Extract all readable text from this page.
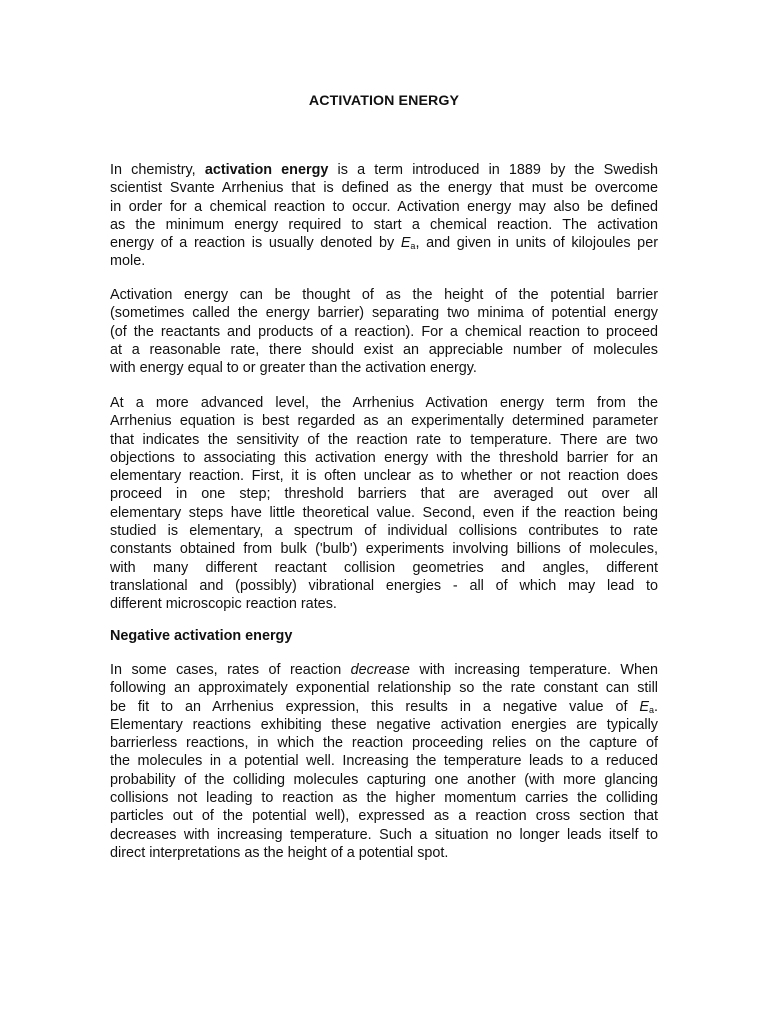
ACTIVATION ENERGY
In chemistry, activation energy is a term introduced in 1889 by the Swedish
scientist Svante Arrhenius that is defined as the energy that must be overcome
in order for a chemical reaction to occur. Activation energy may also be defined
as the minimum energy required to start a chemical reaction. The activation
energy of a reaction is usually denoted by $E_a$, and given in units of kilojoules per
mole.
Activation energy can be thought of as the height of the potential barrier
(sometimes called the energy barrier) separating two minima of potential energy
(of the reactants and products of a reaction). For a chemical reaction to proceed
at a reasonable rate, there should exist an appreciable number of molecules
with energy equal to or greater than the activation energy.
At a more advanced level, the Arrhenius Activation energy term from the
Arrhenius equation is best regarded as an experimentally determined parameter
that indicates the sensitivity of the reaction rate to temperature. There are two
objections to associating this activation energy with the threshold barrier for an
elementary reaction. First, it is often unclear as to whether or not reaction does
proceed in one step; threshold barriers that are averaged out over all
elementary steps have little theoretical value. Second, even if the reaction being
studied is elementary, a spectrum of individual collisions contributes to rate
constants obtained from bulk ('bulb') experiments involving billions of molecules,
with many different reactant collision geometries and angles, different
translational and (possibly) vibrational energies - all of which may lead to
different microscopic reaction rates.
Negative activation energy
In some cases, rates of reaction decrease with increasing temperature. When
following an approximately exponential relationship so the rate constant can still
be fit to an Arrhenius expression, this results in a negative value of $E_a$.
Elementary reactions exhibiting these negative activation energies are typically
barrierless reactions, in which the reaction proceeding relies on the capture of
the molecules in a potential well. Increasing the temperature leads to a reduced
probability of the colliding molecules capturing one another (with more glancing
collisions not leading to reaction as the higher momentum carries the colliding
particles out of the potential well), expressed as a reaction cross section that
decreases with increasing temperature. Such a situation no longer leads itself to
direct interpretations as the height of a potential spot.
